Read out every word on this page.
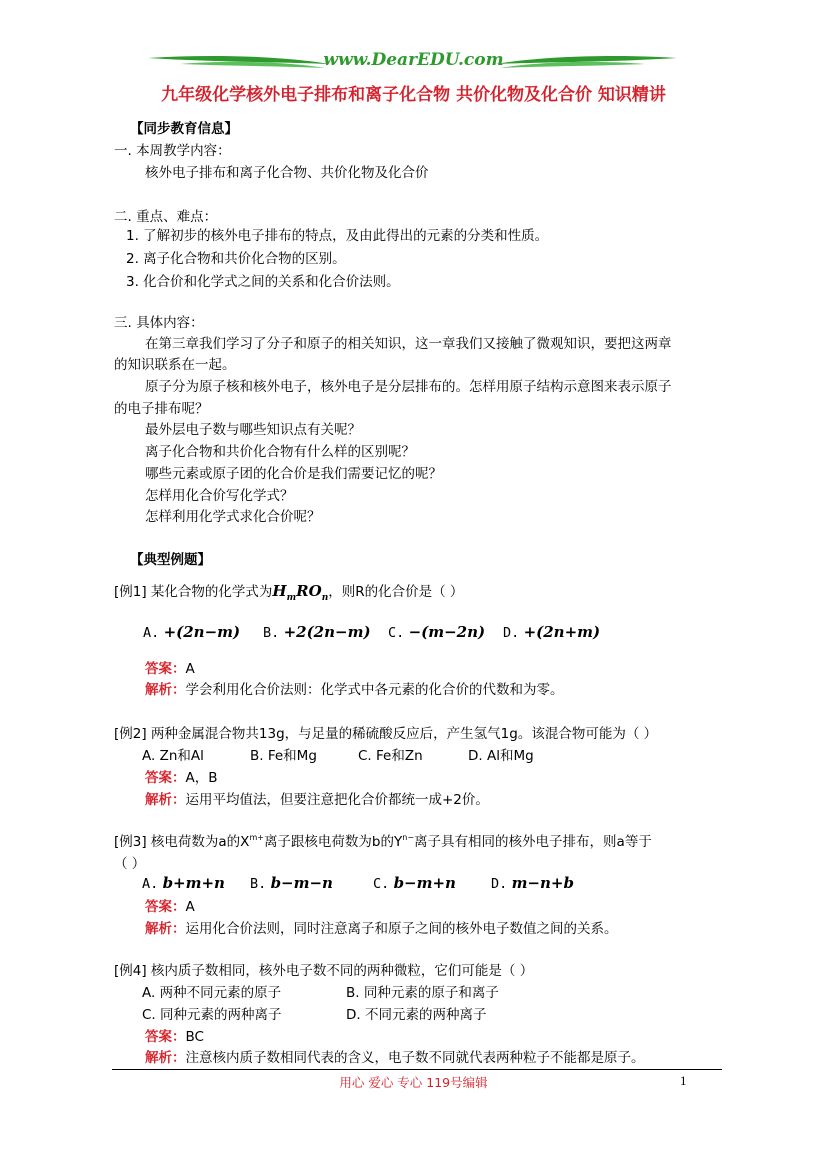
www.DearEDU.com
九年级化学核外电子排布和离子化合物 共价化物及化合价 知识精讲
【同步教育信息】
一. 本周教学内容：
核外电子排布和离子化合物、共价化物及化合价
二. 重点、难点：
1. 了解初步的核外电子排布的特点，及由此得出的元素的分类和性质。
2. 离子化合物和共价化合物的区别。
3. 化合价和化学式之间的关系和化合价法则。
三. 具体内容：
在第三章我们学习了分子和原子的相关知识，这一章我们又接触了微观知识，要把这两章
的知识联系在一起。
原子分为原子核和核外电子，核外电子是分层排布的。怎样用原子结构示意图来表示原子
的电子排布呢？
最外层电子数与哪些知识点有关呢？
离子化合物和共价化合物有什么样的区别呢？
哪些元素或原子团的化合价是我们需要记忆的呢？
怎样用化合价写化学式？
怎样利用化学式求化合价呢？
【典型例题】
[例1] 某化合物的化学式为$H_mRO_n$，则R的化合价是（ ）
A. +(2n−m) B. +2(2n−m) C. −(m−2n) D. +(2n+m)
答案：A
解析：学会利用化合价法则：化学式中各元素的化合价的代数和为零。
[例2] 两种金属混合物共13g，与足量的稀硫酸反应后，产生氢气1g。该混合物可能为（ ）
A. Zn和Al	B. Fe和Mg	C. Fe和Zn	D. Al和Mg
答案：A，B
解析：运用平均值法，但要注意把化合价都统一成+2价。
[例3] 核电荷数为a的$X^{m+}$离子跟核电荷数为b的$Y^{n-}$离子具有相同的核外电子排布，则a等于
（ ）
A. b+m+n B. b−m−n	C. b−m+n	D. m−n+b
答案：A
解析：运用化合价法则，同时注意离子和原子之间的核外电子数值之间的关系。
[例4] 核内质子数相同，核外电子数不同的两种微粒，它们可能是（ ）
A. 两种不同元素的原子	B. 同种元素的原子和离子
C. 同种元素的两种离子	D. 不同元素的两种离子
答案：BC
解析：注意核内质子数相同代表的含义，电子数不同就代表两种粒子不能都是原子。
用心 爱心 专心 119号编辑	1
